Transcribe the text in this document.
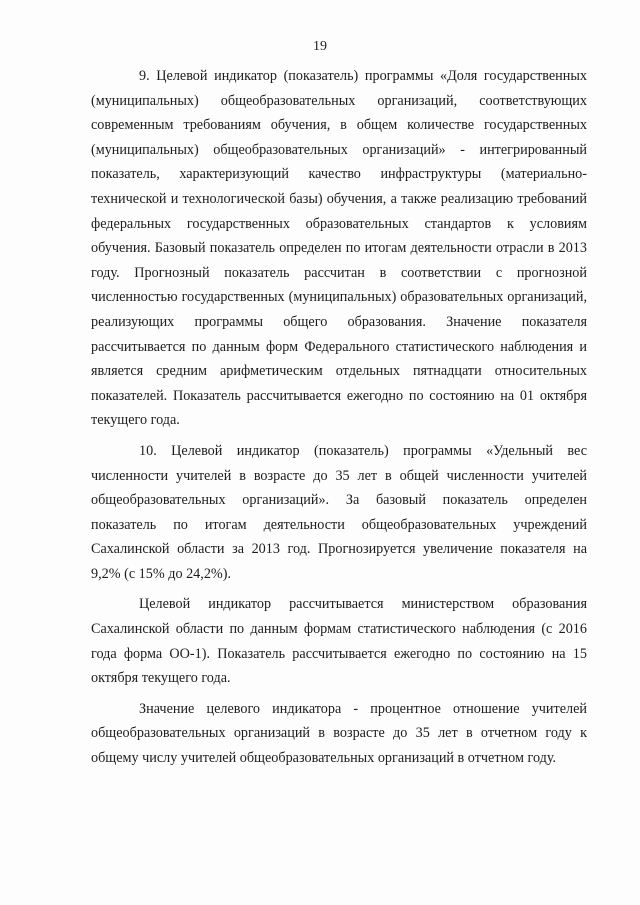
19

9. Целевой индикатор (показатель) программы «Доля государственных (муниципальных) общеобразовательных организаций, соответствующих современным требованиям обучения, в общем количестве государственных (муниципальных) общеобразовательных организаций» - интегрированный показатель, характеризующий качество инфраструктуры (материально-технической и технологической базы) обучения, а также реализацию требований федеральных государственных образовательных стандартов к условиям обучения. Базовый показатель определен по итогам деятельности отрасли в 2013 году. Прогнозный показатель рассчитан в соответствии с прогнозной численностью государственных (муниципальных) образовательных организаций, реализующих программы общего образования. Значение показателя рассчитывается по данным форм Федерального статистического наблюдения и является средним арифметическим отдельных пятнадцати относительных показателей. Показатель рассчитывается ежегодно по состоянию на 01 октября текущего года.

10. Целевой индикатор (показатель) программы «Удельный вес численности учителей в возрасте до 35 лет в общей численности учителей общеобразовательных организаций». За базовый показатель определен показатель по итогам деятельности общеобразовательных учреждений Сахалинской области за 2013 год. Прогнозируется увеличение показателя на 9,2% (с 15% до 24,2%).

Целевой индикатор рассчитывается министерством образования Сахалинской области по данным формам статистического наблюдения (с 2016 года форма ОО-1). Показатель рассчитывается ежегодно по состоянию на 15 октября текущего года.

Значение целевого индикатора - процентное отношение учителей общеобразовательных организаций в возрасте до 35 лет в отчетном году к общему числу учителей общеобразовательных организаций в отчетном году.
